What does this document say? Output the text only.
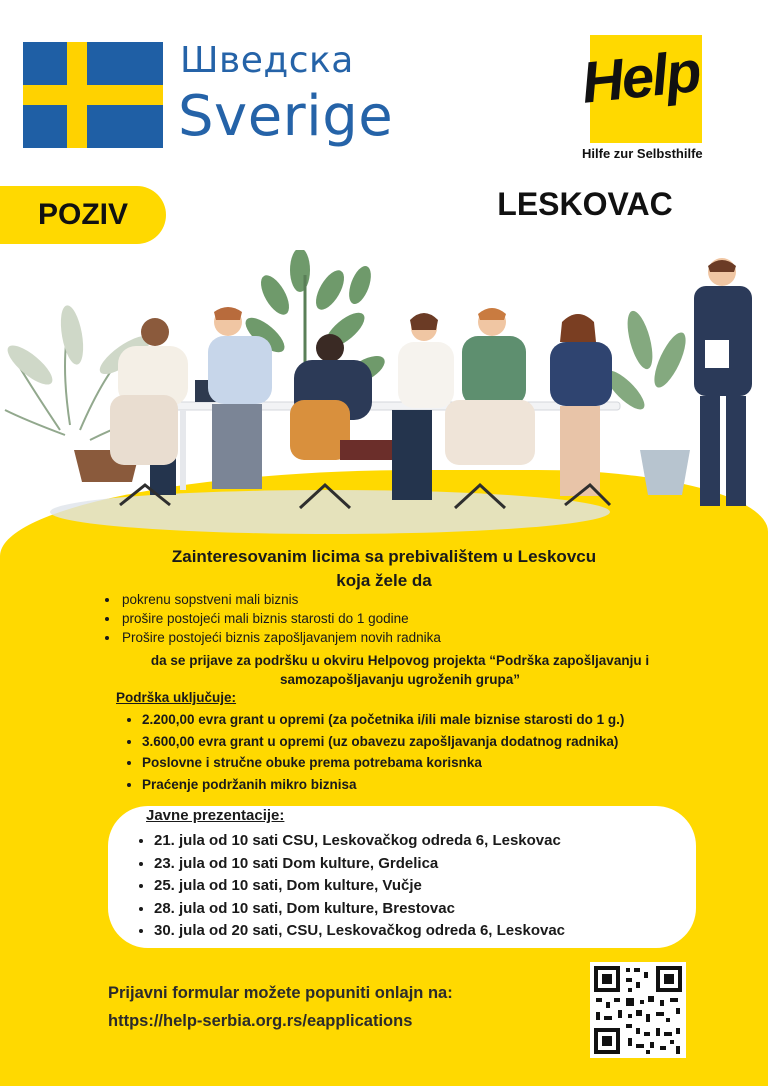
Шведска
Sverige
Help
Hilfe zur Selbsthilfe
POZIV	LESKOVAC
Zainteresovanim licima sa prebivalištem u Leskovcu
koja žele da
• pokrenu sopstveni mali biznis
• prošire postojeći mali biznis starosti do 1 godine
• Prošire postojeći biznis zapošljavanjem novih radnika
da se prijave za podršku u okviru Helpovog projekta “Podrška zapošljavanju i
samozapošljavanju ugroženih grupa”
Podrška uključuje:
• 2.200,00 evra grant u opremi (za početnika i/ili male biznise starosti do 1 g.)
• 3.600,00 evra grant u opremi (uz obavezu zapošljavanja dodatnog radnika)
• Poslovne i stručne obuke prema potrebama korisnka
• Praćenje podržanih mikro biznisa
Javne prezentacije:
• 21. jula od 10 sati CSU, Leskovačkog odreda 6, Leskovac
• 23. jula od 10 sati Dom kulture, Grdelica
• 25. jula od 10 sati, Dom kulture, Vučje
• 28. jula od 10 sati, Dom kulture, Brestovac
• 30. jula od 20 sati, CSU, Leskovačkog odreda 6, Leskovac
Prijavni formular možete popuniti onlajn na:
https://help-serbia.org.rs/eapplications
